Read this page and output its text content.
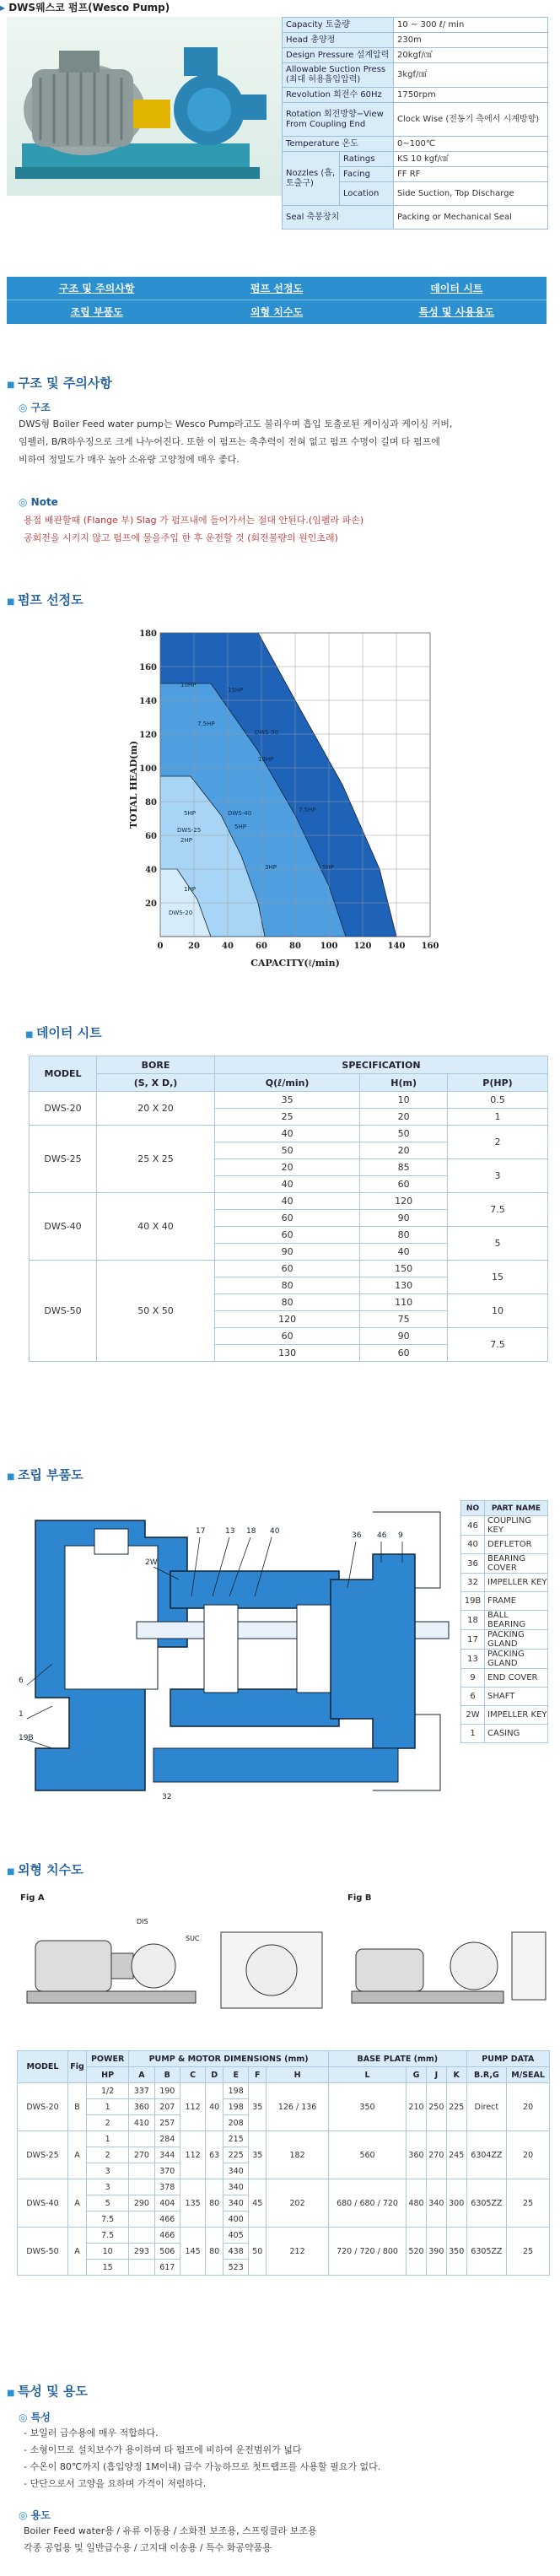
▸ DWS웨스코 펌프(Wesco Pump)
Capacity 토출량		10 ~ 300 ℓ/ min
Head 총양정		230m
Design Pressure 설계압력		20kgf/㎠
Allowable Suction Press (최대 허용흡입압력)		3kgf/㎠
Revolution 회전수 60Hz		1750rpm
Rotation 회전방향−View From Coupling End		Clock Wise (전동기 측에서 시계방향)
Temperature 온도		0~100℃
Nozzles (흡,토출구)	Ratings	KS 10 kgf/㎠
	Facing	FF RF
	Location	Side Suction, Top Discharge
Seal 축봉장치		Packing or Mechanical Seal
구조 및 주의사항	펌프 선정도	데이터 시트
조립 부품도	외형 치수도	특성 및 사용용도
■ 구조 및 주의사항
◎ 구조
DWS형 Boiler Feed water pump는 Wesco Pump라고도 불리우며 흡입 토출로된 케이싱과 케이싱 커버,
임펠러, B/R하우징으로 크게 나누어진다. 또한 이 펌프는 축추력이 전혀 없고 펌프 수명이 길며 타 펌프에
비하여 정밀도가 매우 높아 소유량 고양정에 매우 좋다.
◎ Note
용접 배관할때 (Flange 부) Slag 가 펌프내에 들어가서는 절대 안된다.(임펠라 파손)
공회전을 시키지 않고 펌프에 물을주입 한 후 운전할 것 (회전불량의 원인초래)
■ 펌프 선정도
0	20	40	60	80 100 120 140 160
20
40
60
80
100
120
140
160
180
10HP
15HP
7.5HP
DWS-50
10HP
5HP
DWS-25
DWS-40
5HP
2HP
7.5HP
3HP	5HP
1HP
DWS-20
CAPACITY(ℓ/min)
TOTAL HEAD(m)
■ 데이터 시트
MODEL	BORE	SPECIFICATION		
	(S, X D,)	Q(ℓ/min)	H(m)	P(HP)
DWS-20	20 X 20	35	10	0.5
		25	20	1
DWS-25	25 X 25	40	50	2
		50	20	
		20	85	3
		40	60	
DWS-40	40 X 40	40	120	7.5
		60	90	
		60	80	5
		90	40	
DWS-50	50 X 50	60	150	15
		80	130	
		80	110	10
		120	75	
		60	90	7.5
		130	60	
■ 조립 부품도
17	13 18 40	36 46 9
2W
6
1
19B
32
NO	PART NAME
46	COUPLING KEY
40	DEFLETOR
36	BEARING COVER
32	IMPELLER KEY
19B	FRAME
18	BALL BEARING
17	PACKING GLAND
13	PACKING GLAND
9	END COVER
6	SHAFT
2W	IMPELLER KEY
1	CASING
■ 외형 치수도
Fig A	Fig B
SUC
DIS
MODEL	Fig	POWER	PUMP & MOTOR DIMENSIONS (mm)							BASE PLATE (mm)				PUMP DATA	
		HP	A	B	C	D	E	F	H	L	G	J	K	B.R,G	M/SEAL
DWS-20	B	1/2	337	190	112	40	198	35	126 / 136	350	210	250	225	Direct	20
		1	360	207			198								
		2	410	257			208								
DWS-25	A	1		284	112	63	215	35	182	560	360	270	245	6304ZZ	20
		2	270	344			225								
		3		370			340								
DWS-40	A	3		378	135	80	340	45	202	680 / 680 / 720	480	340	300	6305ZZ	25
		5	290	404			340								
		7.5		466			400								
DWS-50	A	7.5		466	145	80	405	50	212	720 / 720 / 800	520	390	350	6305ZZ	25
		10	293	506			438								
		15		617			523								
■ 특성 및 용도
◎ 특성
- 보일러 급수용에 매우 적합하다.
- 소형이므로 설치보수가 용이하며 타 펌프에 비하여 운전범위가 넓다
- 수온이 80℃까지 (흡입양정 1M이내) 급수 가능하므로 첫트랩프를 사용할 필요가 없다.
- 단단으로서 고양을 요하며 가격이 저렴하다.
◎ 용도
Boiler Feed water용 / 유류 이동용 / 소화전 보조용, 스프링클라 보조용
각종 공업용 및 일반급수용 / 고지대 이송용 / 특수 화공약품용
